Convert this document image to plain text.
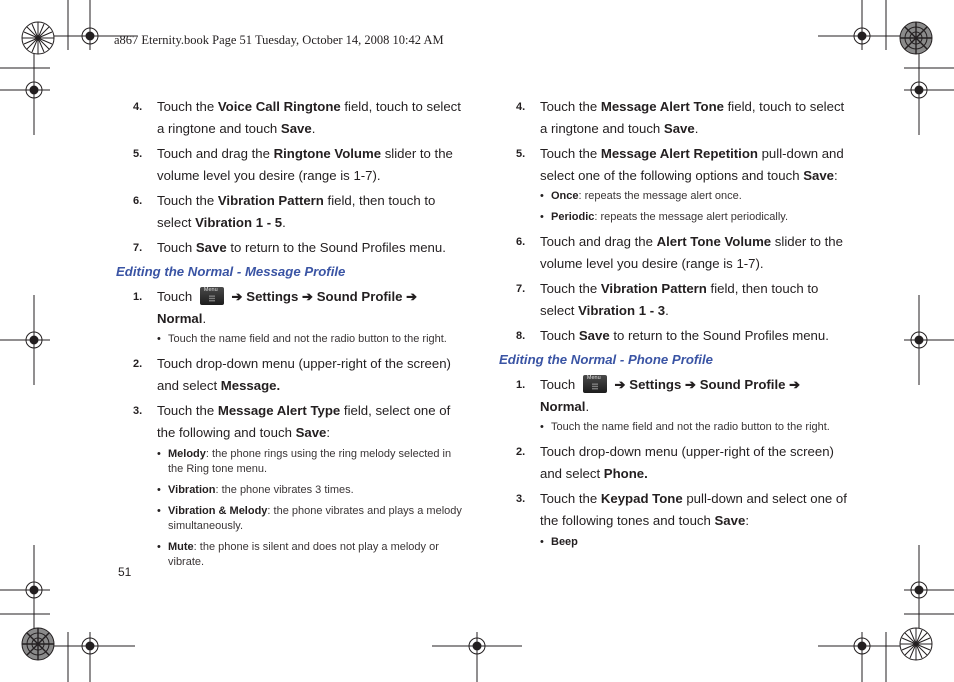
a867 Eternity.book Page 51 Tuesday, October 14, 2008 10:42 AM
4. Touch the Voice Call Ringtone field, touch to select a ringtone and touch Save.
5. Touch and drag the Ringtone Volume slider to the volume level you desire (range is 1-7).
6. Touch the Vibration Pattern field, then touch to select Vibration 1 - 5.
7. Touch Save to return to the Sound Profiles menu.
Editing the Normal - Message Profile
1. Touch Menu ➔ Settings ➔ Sound Profile ➔ Normal.
• Touch the name field and not the radio button to the right.
2. Touch drop-down menu (upper-right of the screen) and select Message.
3. Touch the Message Alert Type field, select one of the following and touch Save:
• Melody: the phone rings using the ring melody selected in the Ring tone menu.
• Vibration: the phone vibrates 3 times.
• Vibration & Melody: the phone vibrates and plays a melody simultaneously.
• Mute: the phone is silent and does not play a melody or vibrate.
4. Touch the Message Alert Tone field, touch to select a ringtone and touch Save.
5. Touch the Message Alert Repetition pull-down and select one of the following options and touch Save:
• Once: repeats the message alert once.
• Periodic: repeats the message alert periodically.
6. Touch and drag the Alert Tone Volume slider to the volume level you desire (range is 1-7).
7. Touch the Vibration Pattern field, then touch to select Vibration 1 - 3.
8. Touch Save to return to the Sound Profiles menu.
Editing the Normal - Phone Profile
1. Touch Menu ➔ Settings ➔ Sound Profile ➔ Normal.
• Touch the name field and not the radio button to the right.
2. Touch drop-down menu (upper-right of the screen) and select Phone.
3. Touch the Keypad Tone pull-down and select one of the following tones and touch Save:
• Beep
51
